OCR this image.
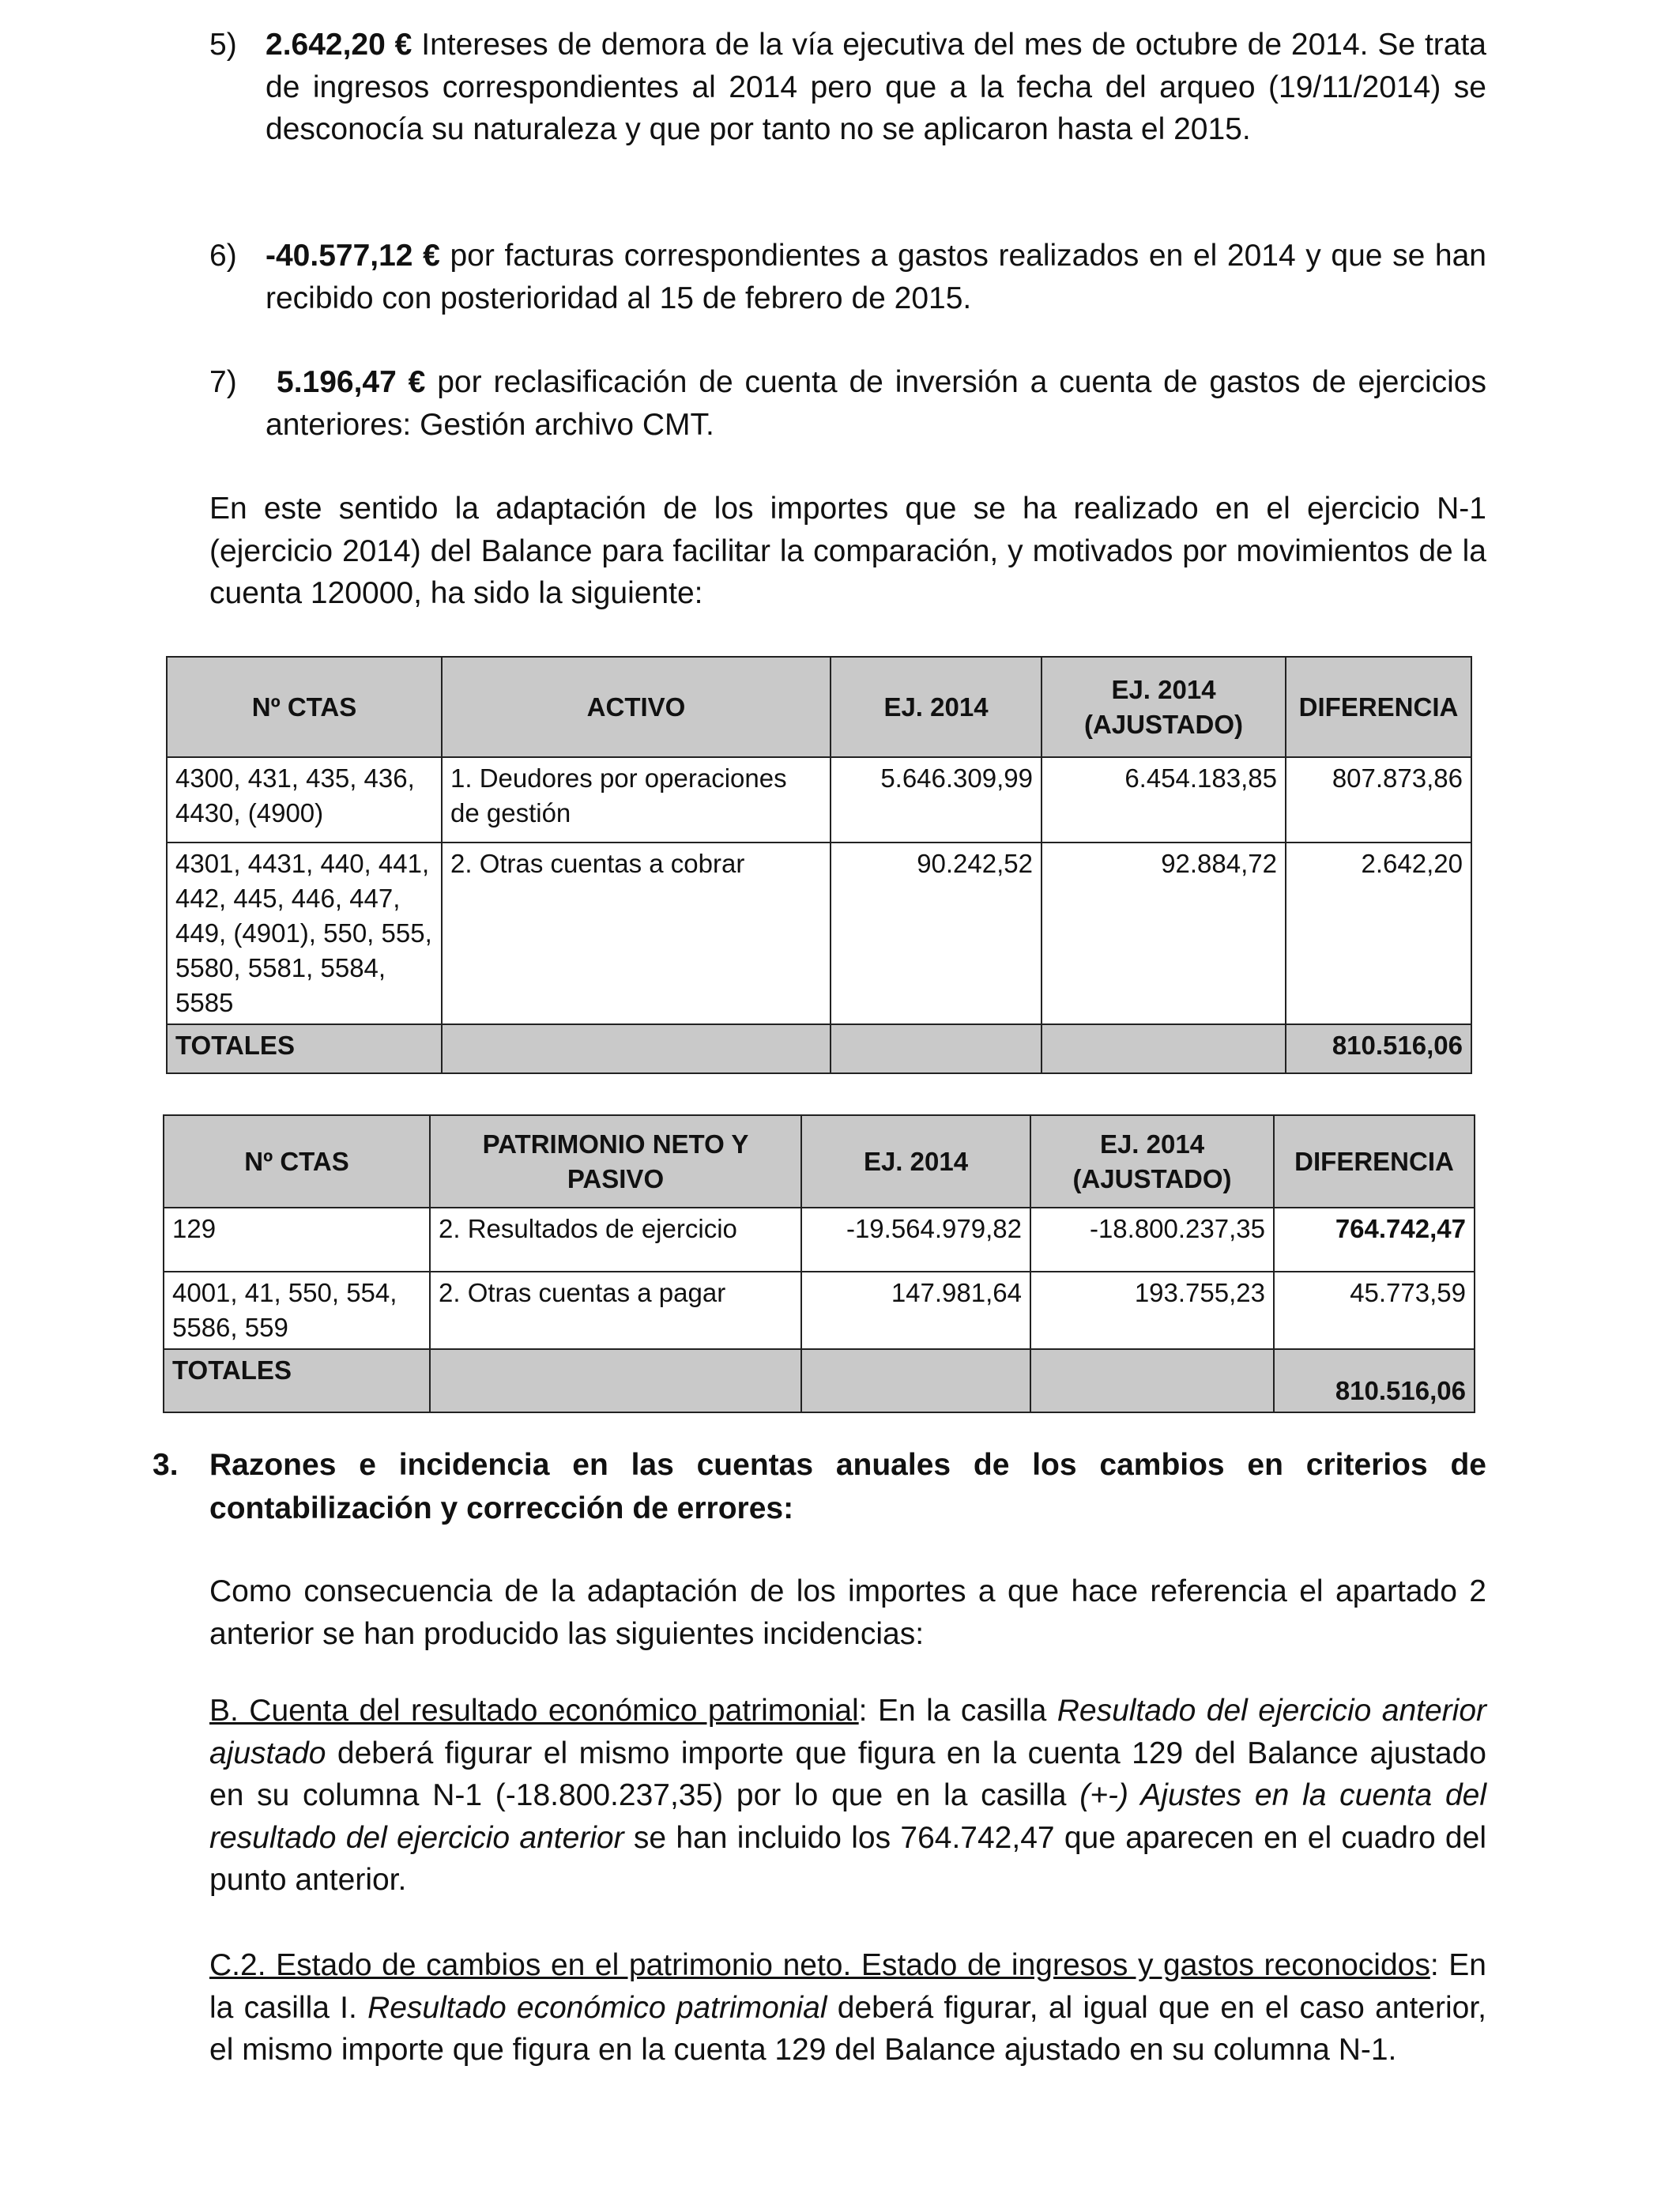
5) 2.642,20 € Intereses de demora de la vía ejecutiva del mes de octubre de 2014. Se trata de ingresos correspondientes al 2014 pero que a la fecha del arqueo (19/11/2014) se desconocía su naturaleza y que por tanto no se aplicaron hasta el 2015.

6) -40.577,12 € por facturas correspondientes a gastos realizados en el 2014 y que se han recibido con posterioridad al 15 de febrero de 2015.

7)	5.196,47 € por reclasificación de cuenta de inversión a cuenta de gastos de ejercicios anteriores: Gestión archivo CMT.

En este sentido la adaptación de los importes que se ha realizado en el ejercicio N-1 (ejercicio 2014) del Balance para facilitar la comparación, y motivados por movimientos de la cuenta 120000, ha sido la siguiente:

Nº CTAS	ACTIVO	EJ. 2014	EJ. 2014 (AJUSTADO)	DIFERENCIA
4300, 431, 435, 436, 4430, (4900)	1. Deudores por operaciones de gestión	5.646.309,99	6.454.183,85	807.873,86
4301, 4431, 440, 441, 442, 445, 446, 447, 449, (4901), 550, 555, 5580, 5581, 5584, 5585	2. Otras cuentas a cobrar	90.242,52	92.884,72	2.642,20
TOTALES				810.516,06
Nº CTAS	PATRIMONIO NETO Y PASIVO	EJ. 2014	EJ. 2014 (AJUSTADO)	DIFERENCIA
129	2. Resultados de ejercicio	-19.564.979,82	-18.800.237,35	764.742,47
4001, 41, 550, 554, 5586, 559	2. Otras cuentas a pagar	147.981,64	193.755,23	45.773,59
TOTALES				810.516,06
3. Razones e incidencia en las cuentas anuales de los cambios en criterios de contabilización y corrección de errores:

Como consecuencia de la adaptación de los importes a que hace referencia el apartado 2 anterior se han producido las siguientes incidencias:

B. Cuenta del resultado económico patrimonial: En la casilla Resultado del ejercicio anterior ajustado deberá figurar el mismo importe que figura en la cuenta 129 del Balance ajustado en su columna N-1 (-18.800.237,35) por lo que en la casilla (+-) Ajustes en la cuenta del resultado del ejercicio anterior se han incluido los 764.742,47 que aparecen en el cuadro del punto anterior.

C.2. Estado de cambios en el patrimonio neto. Estado de ingresos y gastos reconocidos: En la casilla I. Resultado económico patrimonial deberá figurar, al igual que en el caso anterior, el mismo importe que figura en la cuenta 129 del Balance ajustado en su columna N-1.
